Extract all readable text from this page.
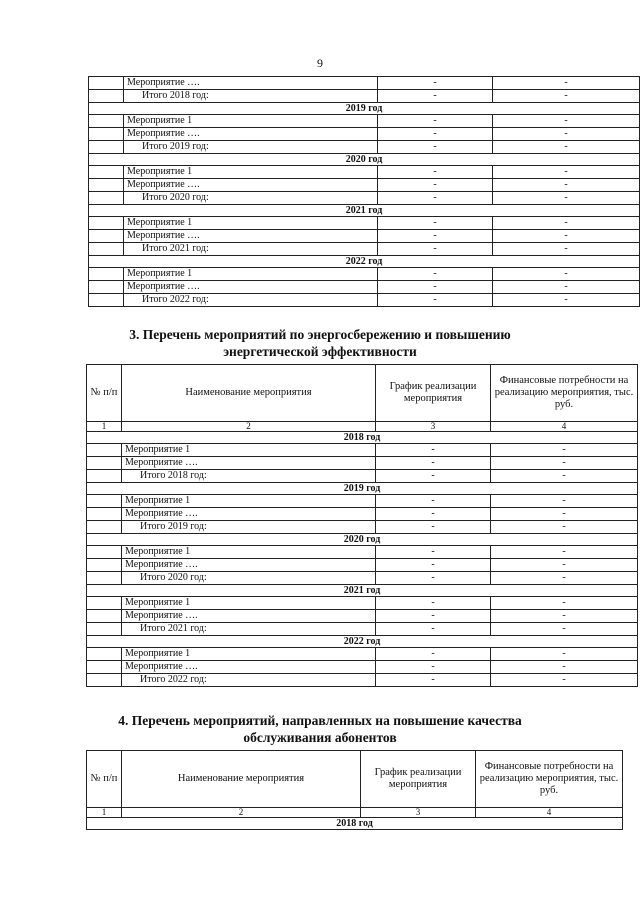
9

	Мероприятие ….	-	-
	Итого 2018 год:	-	-
2019 год			
	Мероприятие 1	-	-
	Мероприятие ….	-	-
	Итого 2019 год:	-	-
2020 год			
	Мероприятие 1	-	-
	Мероприятие ….	-	-
	Итого 2020 год:	-	-
2021 год			
	Мероприятие 1	-	-
	Мероприятие ….	-	-
	Итого 2021 год:	-	-
2022 год			
	Мероприятие 1	-	-
	Мероприятие ….	-	-
	Итого 2022 год:	-	-
3. Перечень мероприятий по энергосбережению и повышению энергетической эффективности
№ п/п	Наименование мероприятия	График реализации мероприятия	Финансовые потребности на реализацию мероприятия, тыс. руб.
1	2	3	4
2018 год			
	Мероприятие 1	-	-
	Мероприятие ….	-	-
	Итого 2018 год:	-	-
2019 год			
	Мероприятие 1	-	-
	Мероприятие ….	-	-
	Итого 2019 год:	-	-
2020 год			
	Мероприятие 1	-	-
	Мероприятие ….	-	-
	Итого 2020 год:	-	-
2021 год			
	Мероприятие 1	-	-
	Мероприятие ….	-	-
	Итого 2021 год:	-	-
2022 год			
	Мероприятие 1	-	-
	Мероприятие ….	-	-
	Итого 2022 год:	-	-
4. Перечень мероприятий, направленных на повышение качества обслуживания абонентов
№ п/п	Наименование мероприятия	График реализации мероприятия	Финансовые потребности на реализацию мероприятия, тыс. руб.
1	2	3	4
2018 год			
